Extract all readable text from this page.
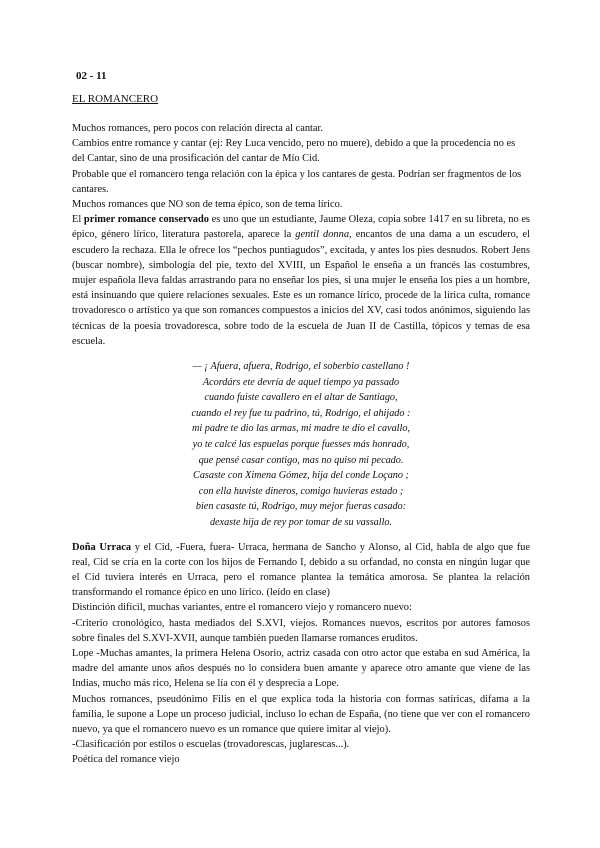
02 - 11
EL ROMANCERO

Muchos romances, pero pocos con relación directa al cantar.

Cambios entre romance y cantar (ej: Rey Luca vencido, pero no muere), debido a que la procedencia no es del Cantar, sino de una prosificación del cantar de Mío Cid.

Probable que el romancero tenga relación con la épica y los cantares de gesta. Podrían ser fragmentos de los cantares.

Muchos romances que NO son de tema épico, son de tema lírico.

El primer romance conservado es uno que un estudiante, Jaume Oleza, copia sobre 1417 en su libreta, no es épico, género lírico, literatura pastorela, aparece la gentil donna, encantos de una dama a un escudero, el escudero la rechaza. Ella le ofrece los “pechos puntiagudos”, excitada, y antes los pies desnudos. Robert Jens (buscar nombre), simbología del pie, texto del XVIII, un Español le enseña a un francés las costumbres, mujer española lleva faldas arrastrando para no enseñar los pies, si una mujer le enseña los pies a un hombre, está insinuando que quiere relaciones sexuales. Este es un romance lírico, procede de la lírica culta, romance trovadoresco o artístico ya que son romances compuestos a inicios del XV, casi todos anónimos, siguiendo las técnicas de la poesía trovadoresca, sobre todo de la escuela de Juan II de Castilla, tópicos y temas de esa escuela.

— ¡ Afuera, afuera, Rodrigo, el soberbio castellano !
Acordárs ete devría de aquel tiempo ya passado
cuando fuiste cavallero en el altar de Santiago,
cuando el rey fue tu padrino, tú, Rodrigo, el ahijado :
mi padre te dio las armas, mi madre te dio el cavallo,
yo te calcé las espuelas porque fuesses más honrado,
que pensé casar contigo, mas no quiso mi pecado.
Casaste con Ximena Gómez, hija del conde Loçano ;
con ella huviste dineros, comigo huvieras estado ;
bien casaste tú, Rodrigo, muy mejor fueras casado:
dexaste hija de rey por tomar de su vassallo.

Doña Urraca y el Cid, -Fuera, fuera- Urraca, hermana de Sancho y Alonso, al Cid, habla de algo que fue real, Cid se cría en la corte con los hijos de Fernando I, debido a su orfandad, no consta en ningún lugar que el Cid tuviera interés en Urraca, pero el romance plantea la temática amorosa. Se plantea la relación transformando el romance épico en uno lírico. (leído en clase)

Distinción difícil, muchas variantes, entre el romancero viejo y romancero nuevo:

-Criterio cronológico, hasta mediados del S.XVI, viejos. Romances nuevos, escritos por autores famosos sobre finales del S.XVI-XVII, aunque también pueden llamarse romances eruditos.

Lope -Muchas amantes, la primera Helena Osorio, actriz casada con otro actor que estaba en sud América, la madre del amante unos años después no lo considera buen amante y aparece otro amante que viene de las Indias, mucho más rico, Helena se lía con él y desprecia a Lope.

Muchos romances, pseudónimo Filis en el que explica toda la historia con formas satíricas, difama a la familia, le supone a Lope un proceso judicial, incluso lo echan de España, (no tiene que ver con el romancero nuevo, ya que el romancero nuevo es un romance que quiere imitar al viejo).

-Clasificación por estilos o escuelas (trovadorescas, juglarescas...).

Poética del romance viejo
